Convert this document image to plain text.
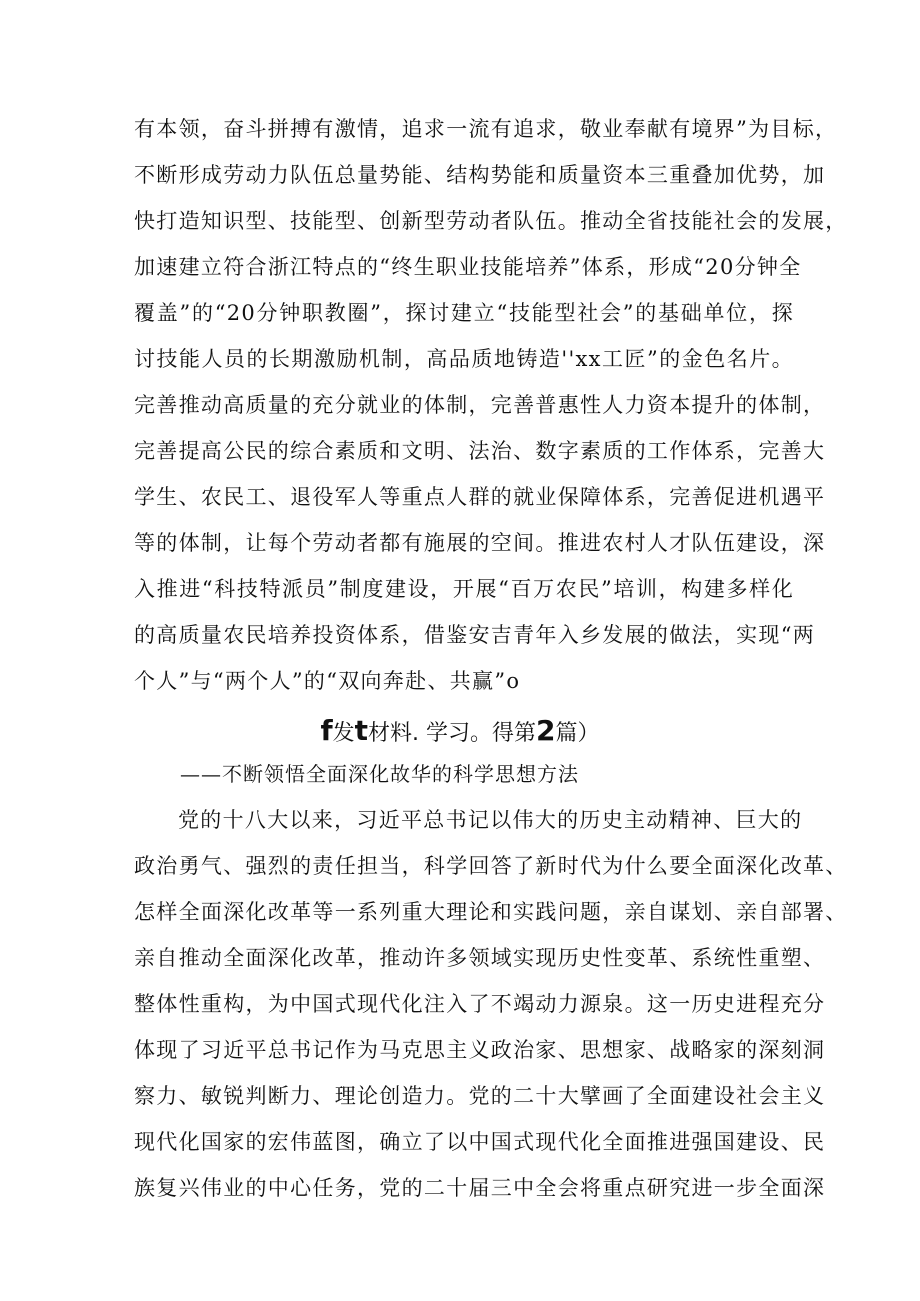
有本领，奋斗拼搏有激情，追求一流有追求，敬业奉献有境界”为目标，
不断形成劳动力队伍总量势能、结构势能和质量资本三重叠加优势，加
快打造知识型、技能型、创新型劳动者队伍。推动全省技能社会的发展，
加速建立符合浙江特点的“终生职业技能培养”体系，形成“20分钟全
覆盖”的“20分钟职教圈”，探讨建立“技能型社会”的基础单位，探
讨技能人员的长期激励机制，高品质地铸造''xx工匠”的金色名片。
完善推动高质量的充分就业的体制，完善普惠性人力资本提升的体制，
完善提高公民的综合素质和文明、法治、数字素质的工作体系，完善大
学生、农民工、退役军人等重点人群的就业保障体系，完善促进机遇平
等的体制，让每个劳动者都有施展的空间。推进农村人才队伍建设，深
入推进“科技特派员”制度建设，开展“百万农民”培训，构建多样化
的高质量农民培养投资体系，借鉴安吉青年入乡发展的做法，实现“两
个人”与“两个人”的“双向奔赴、共赢”o
f发t材料. 学习。得第2篇）
——不断领悟全面深化故华的科学思想方法
党的十八大以来，习近平总书记以伟大的历史主动精神、巨大的
政治勇气、强烈的责任担当，科学回答了新时代为什么要全面深化改革、
怎样全面深化改革等一系列重大理论和实践问题，亲自谋划、亲自部署、
亲自推动全面深化改革，推动许多领域实现历史性变革、系统性重塑、
整体性重构，为中国式现代化注入了不竭动力源泉。这一历史进程充分
体现了习近平总书记作为马克思主义政治家、思想家、战略家的深刻洞
察力、敏锐判断力、理论创造力。党的二十大擘画了全面建设社会主义
现代化国家的宏伟蓝图，确立了以中国式现代化全面推进强国建设、民
族复兴伟业的中心任务，党的二十届三中全会将重点研究进一步全面深
